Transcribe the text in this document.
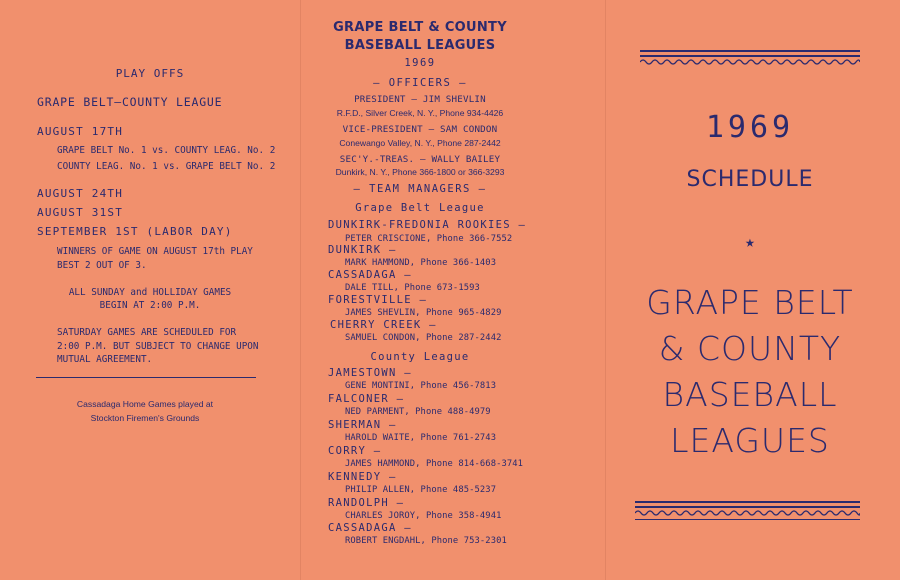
PLAY OFFS
GRAPE BELT—COUNTY LEAGUE
AUGUST 17TH
GRAPE BELT No. 1 vs. COUNTY LEAG. No. 2
COUNTY LEAG. No. 1 vs. GRAPE BELT No. 2
AUGUST 24TH
AUGUST 31ST
SEPTEMBER 1ST (LABOR DAY)
WINNERS OF GAME ON AUGUST 17th PLAY
BEST 2 OUT OF 3.
ALL SUNDAY and HOLLIDAY GAMES
BEGIN AT 2:00 P.M.
SATURDAY GAMES ARE SCHEDULED FOR
2:00 P.M. BUT SUBJECT TO CHANGE UPON
MUTUAL AGREEMENT.
Cassadaga Home Games played at
Stockton Firemen's Grounds
GRAPE BELT & COUNTY
BASEBALL LEAGUES
1969
— OFFICERS —
PRESIDENT — JIM SHEVLIN
R.F.D., Silver Creek, N. Y., Phone 934-4426
VICE-PRESIDENT — SAM CONDON
Conewango Valley, N. Y., Phone 287-2442
SEC'Y.-TREAS. — WALLY BAILEY
Dunkirk, N. Y., Phone 366-1800 or 366-3293
— TEAM MANAGERS —
Grape Belt League
DUNKIRK-FREDONIA ROOKIES —
PETER CRISCIONE, Phone 366-7552
DUNKIRK —
MARK HAMMOND, Phone 366-1403
CASSADAGA —
DALE TILL, Phone 673-1593
FORESTVILLE —
JAMES SHEVLIN, Phone 965-4829
CHERRY CREEK —
SAMUEL CONDON, Phone 287-2442
County League
JAMESTOWN —
GENE MONTINI, Phone 456-7813
FALCONER —
NED PARMENT, Phone 488-4979
SHERMAN —
HAROLD WAITE, Phone 761-2743
CORRY —
JAMES HAMMOND, Phone 814-668-3741
KENNEDY —
PHILIP ALLEN, Phone 485-5237
RANDOLPH —
CHARLES JOROY, Phone 358-4941
CASSADAGA —
ROBERT ENGDAHL, Phone 753-2301
1969
SCHEDULE
★
GRAPE BELT
& COUNTY
BASEBALL
LEAGUES
